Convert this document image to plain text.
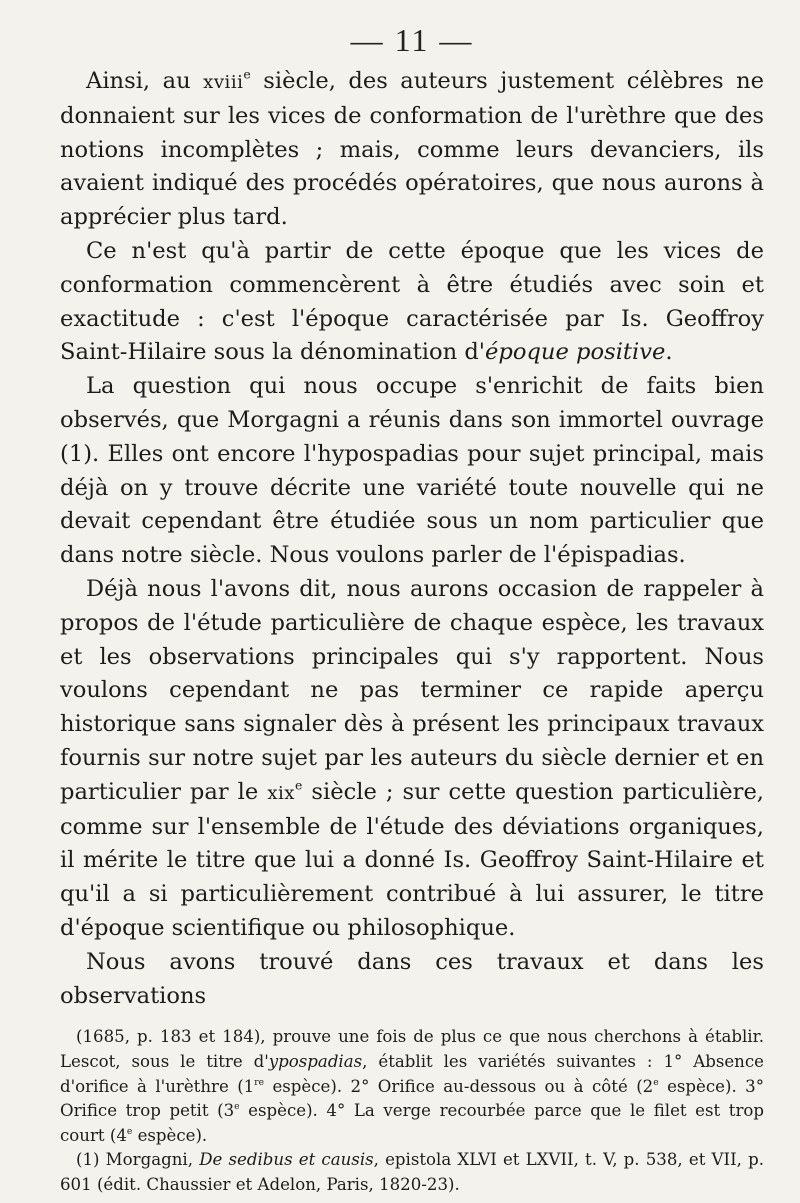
— 11 —

Ainsi, au xviii$^e$ siècle, des auteurs justement célèbres ne donnaient sur les vices de conformation de l'urèthre que des notions incomplètes ; mais, comme leurs devanciers, ils avaient indiqué des procédés opératoires, que nous aurons à apprécier plus tard.

Ce n'est qu'à partir de cette époque que les vices de conformation commencèrent à être étudiés avec soin et exactitude : c'est l'époque caractérisée par Is. Geoffroy Saint-Hilaire sous la dénomination d'époque positive.

La question qui nous occupe s'enrichit de faits bien observés, que Morgagni a réunis dans son immortel ouvrage (1). Elles ont encore l'hypospadias pour sujet principal, mais déjà on y trouve décrite une variété toute nouvelle qui ne devait cependant être étudiée sous un nom particulier que dans notre siècle. Nous voulons parler de l'épispadias.

Déjà nous l'avons dit, nous aurons occasion de rappeler à propos de l'étude particulière de chaque espèce, les travaux et les observations principales qui s'y rapportent. Nous voulons cependant ne pas terminer ce rapide aperçu historique sans signaler dès à présent les principaux travaux fournis sur notre sujet par les auteurs du siècle dernier et en particulier par le xix$^e$ siècle ; sur cette question particulière, comme sur l'ensemble de l'étude des déviations organiques, il mérite le titre que lui a donné Is. Geoffroy Saint-Hilaire et qu'il a si particulièrement contribué à lui assurer, le titre d'époque scientifique ou philosophique.

Nous avons trouvé dans ces travaux et dans les observations

(1685, p. 183 et 184), prouve une fois de plus ce que nous cherchons à établir. Lescot, sous le titre d'ypospadias, établit les variétés suivantes : 1° Absence d'orifice à l'urèthre (1re espèce). 2° Orifice au-dessous ou à côté (2e espèce). 3° Orifice trop petit (3e espèce). 4° La verge recourbée parce que le filet est trop court (4e espèce).

(1) Morgagni, De sedibus et causis, epistola XLVI et LXVII, t. V, p. 538, et VII, p. 601 (édit. Chaussier et Adelon, Paris, 1820-23).
